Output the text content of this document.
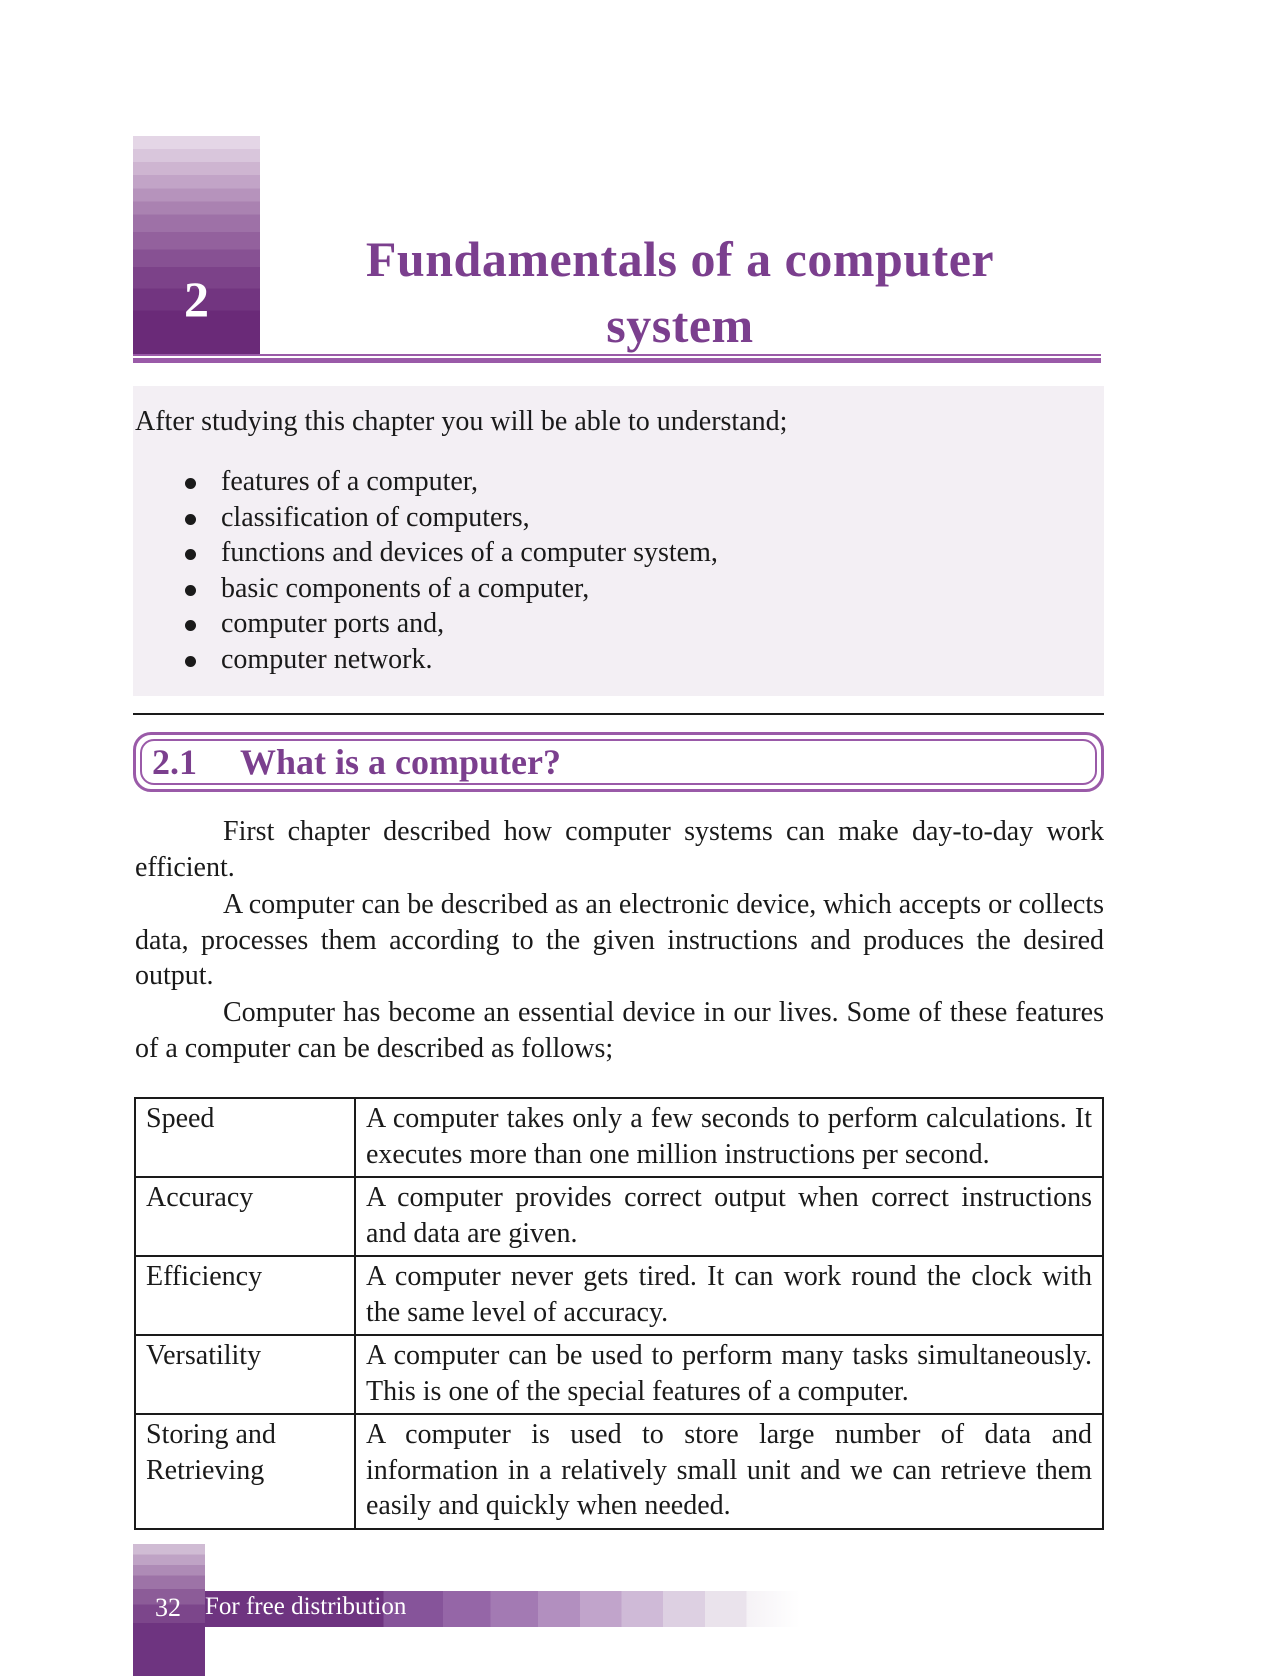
2
Fundamentals of a computer
system
After studying this chapter you will be able to understand;
features of a computer,
classification of computers,
functions and devices of a computer system,
basic components of a computer,
computer ports and,
computer network.
2.1 What is a computer?

First chapter described how computer systems can make day-to-day work efficient.

A computer can be described as an electronic device, which accepts or collects data, processes them according to the given instructions and produces the desired output.

Computer has become an essential device in our lives. Some of these features of a computer can be described as follows;

Speed	A computer takes only a few seconds to perform calculations. It executes more than one million instructions per second.
Accuracy	A computer provides correct output when correct instructions and data are given.
Efficiency	A computer never gets tired. It can work round the clock with the same level of accuracy.
Versatility	A computer can be used to perform many tasks simultaneously. This is one of the special features of a computer.
Storing and Retrieving	A computer is used to store large number of data and information in a relatively small unit and we can retrieve them easily and quickly when needed.
32 For free distribution
